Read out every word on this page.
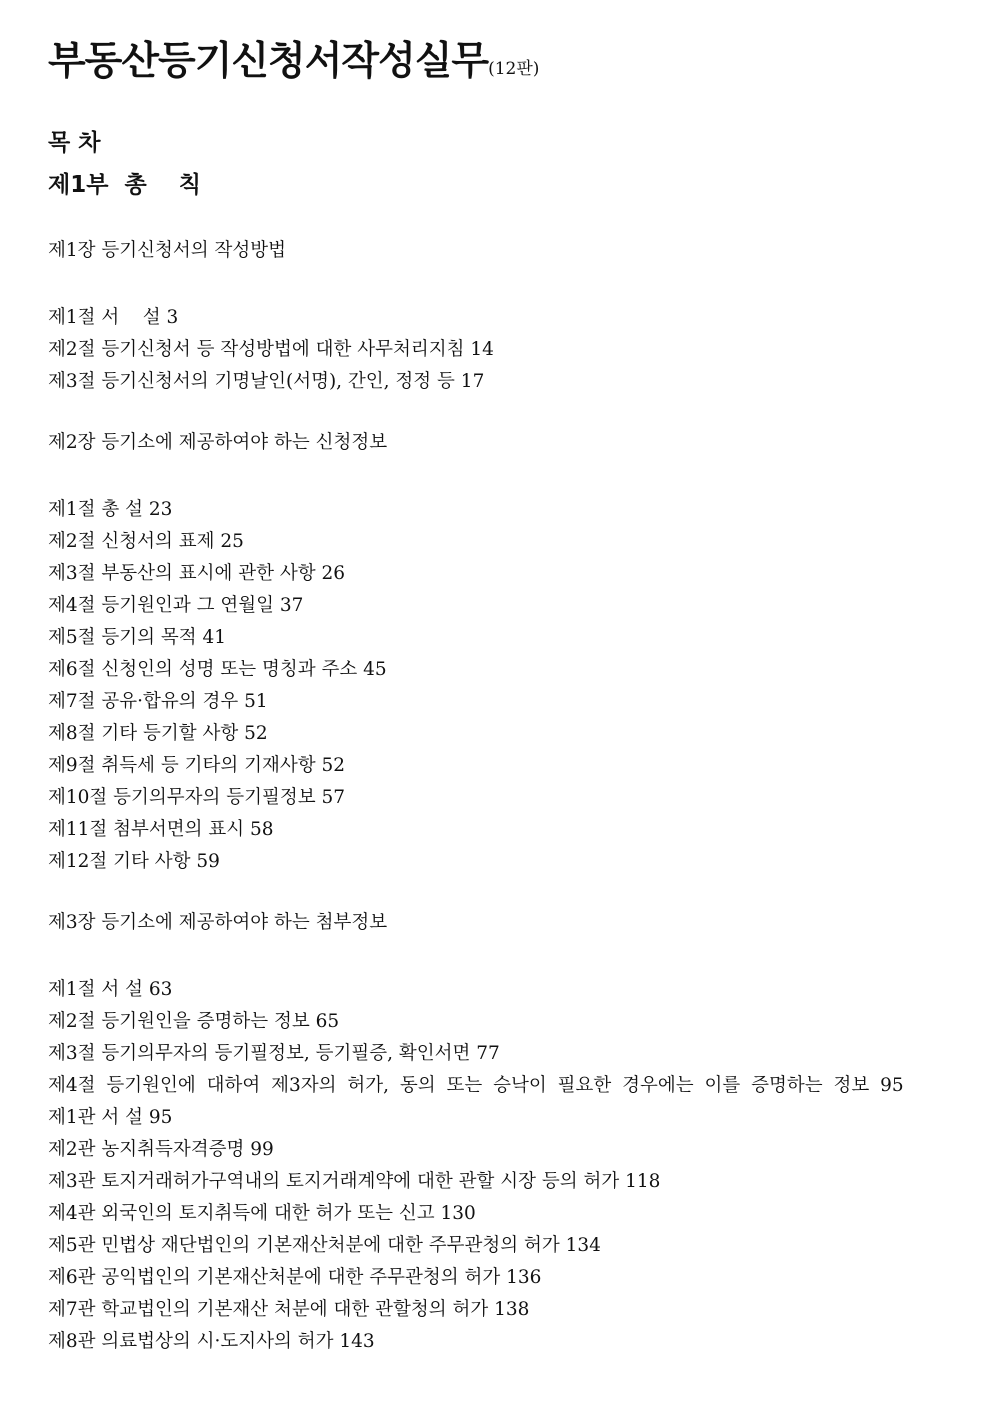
부동산등기신청서작성실무(12판)
목 차
제1부  총    칙
제1장 등기신청서의 작성방법
제1절 서    설 3
제2절 등기신청서 등 작성방법에 대한 사무처리지침 14
제3절 등기신청서의 기명날인(서명), 간인, 정정 등 17
제2장 등기소에 제공하여야 하는 신청정보
제1절 총 설 23
제2절 신청서의 표제 25
제3절 부동산의 표시에 관한 사항 26
제4절 등기원인과 그 연월일 37
제5절 등기의 목적 41
제6절 신청인의 성명 또는 명칭과 주소 45
제7절 공유·합유의 경우 51
제8절 기타 등기할 사항 52
제9절 취득세 등 기타의 기재사항 52
제10절 등기의무자의 등기필정보 57
제11절 첨부서면의 표시 58
제12절 기타 사항 59
제3장 등기소에 제공하여야 하는 첨부정보
제1절 서 설 63
제2절 등기원인을 증명하는 정보 65
제3절 등기의무자의 등기필정보, 등기필증, 확인서면 77
제4절 등기원인에 대하여 제3자의 허가, 동의 또는 승낙이 필요한 경우에는 이를 증명하는 정보 95
제1관 서 설 95
제2관 농지취득자격증명 99
제3관 토지거래허가구역내의 토지거래계약에 대한 관할 시장 등의 허가 118
제4관 외국인의 토지취득에 대한 허가 또는 신고 130
제5관 민법상 재단법인의 기본재산처분에 대한 주무관청의 허가 134
제6관 공익법인의 기본재산처분에 대한 주무관청의 허가 136
제7관 학교법인의 기본재산 처분에 대한 관할청의 허가 138
제8관 의료법상의 시·도지사의 허가 143
